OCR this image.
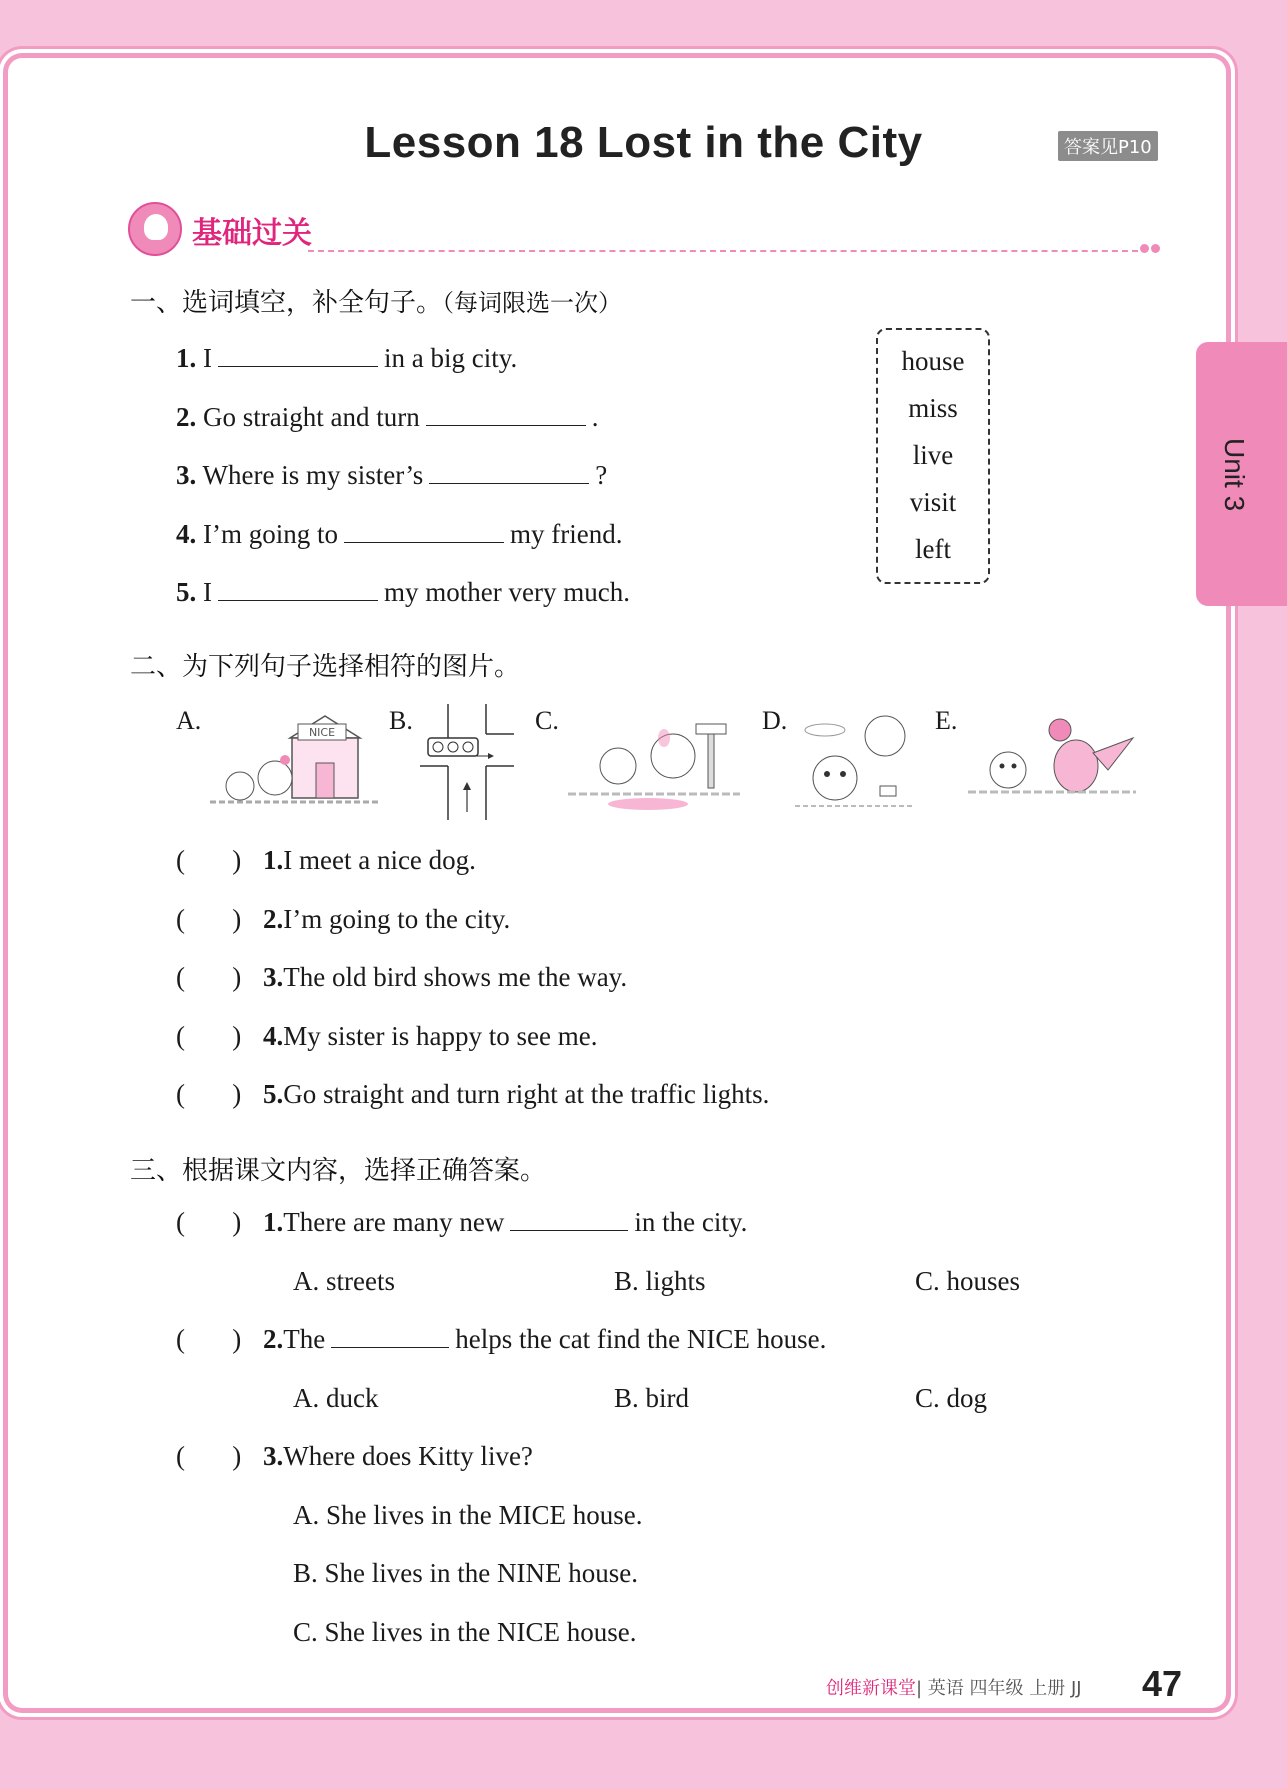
Lesson 18 Lost in the City	答案见P10
基础过关
一、选词填空，补全句子。（每词限选一次）
1. I	in a big city.
2. Go straight and turn	.
3. Where is my sister’s	?
4. I’m going to	my friend.
5. I	my mother very much.
house
miss
live
visit
left
二、为下列句子选择相符的图片。
A.	NICE B.	C.	D.	E.
(       ) 1.I meet a nice dog.
(       ) 2.I’m going to the city.
(       ) 3.The old bird shows me the way.
(       ) 4.My sister is happy to see me.
(       ) 5.Go straight and turn right at the traffic lights.
三、根据课文内容，选择正确答案。
(       ) 1.There are many new	in the city.
A. streets	B. lights	C. houses
(       ) 2.The	helps the cat find the NICE house.
A. duck	B. bird	C. dog
(       ) 3.Where does Kitty live?
A. She lives in the MICE house.
B. She lives in the NINE house.
C. She lives in the NICE house.
Unit 3
创维新课堂| 英语 四年级 上册 JJ 47
